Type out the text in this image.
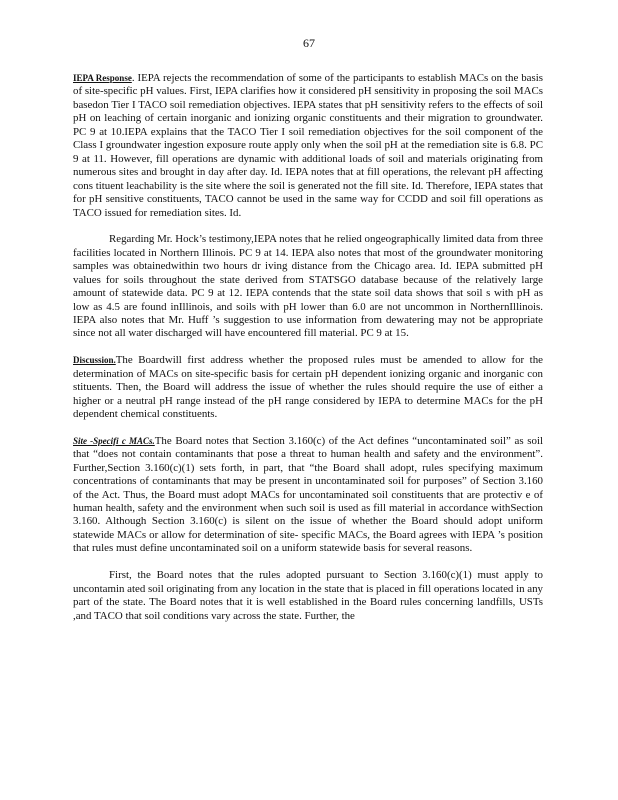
67

IEPA Response. IEPA rejects the recommendation of some of the participants to establish MACs on the basis of site-specific pH values. First, IEPA clarifies how it considered pH sensitivity in proposing the soil MACs basedon Tier I TACO soil remediation objectives. IEPA states that pH sensitivity refers to the effects of soil pH on leaching of certain inorganic and ionizing organic constituents and their migration to groundwater. PC 9 at 10.IEPA explains that the TACO Tier I soil remediation objectives for the soil component of the Class I groundwater ingestion exposure route apply only when the soil pH at the remediation site is 6.8. PC 9 at 11. However, fill operations are dynamic with additional loads of soil and materials originating from numerous sites and brought in day after day. Id. IEPA notes that at fill operations, the relevant pH affecting cons tituent leachability is the site where the soil is generated not the fill site. Id. Therefore, IEPA states that for pH sensitive constituents, TACO cannot be used in the same way for CCDD and soil fill operations as TACO issued for remediation sites. Id.

Regarding Mr. Hock’s testimony,IEPA notes that he relied ongeographically limited data from three facilities located in Northern Illinois. PC 9 at 14. IEPA also notes that most of the groundwater monitoring samples was obtainedwithin two hours dr iving distance from the Chicago area. Id. IEPA submitted pH values for soils throughout the state derived from STATSGO database because of the relatively large amount of statewide data. PC 9 at 12. IEPA contends that the state soil data shows that soil s with pH as low as 4.5 are found inIllinois, and soils with pH lower than 6.0 are not uncommon in NorthernIllinois. IEPA also notes that Mr. Huff ’s suggestion to use information from dewatering may not be appropriate since not all water discharged will have encountered fill material. PC 9 at 15.

Discussion.The Boardwill first address whether the proposed rules must be amended to allow for the determination of MACs on site-specific basis for certain pH dependent ionizing organic and inorganic con stituents. Then, the Board will address the issue of whether the rules should require the use of either a higher or a neutral pH range instead of the pH range considered by IEPA to determine MACs for the pH dependent chemical constituents.

Site -Specifi c MACs.The Board notes that Section 3.160(c) of the Act defines “uncontaminated soil” as soil that “does not contain contaminants that pose a threat to human health and safety and the environment”. Further,Section 3.160(c)(1) sets forth, in part, that “the Board shall adopt, rules specifying maximum concentrations of contaminants that may be present in uncontaminated soil for purposes” of Section 3.160 of the Act. Thus, the Board must adopt MACs for uncontaminated soil constituents that are protectiv e of human health, safety and the environment when such soil is used as fill material in accordance withSection 3.160. Although Section 3.160(c) is silent on the issue of whether the Board should adopt uniform statewide MACs or allow for determination of site- specific MACs, the Board agrees with IEPA ’s position that rules must define uncontaminated soil on a uniform statewide basis for several reasons.

First, the Board notes that the rules adopted pursuant to Section 3.160(c)(1) must apply to uncontamin ated soil originating from any location in the state that is placed in fill operations located in any part of the state. The Board notes that it is well established in the Board rules concerning landfills, USTs ,and TACO that soil conditions vary across the state. Further, the
